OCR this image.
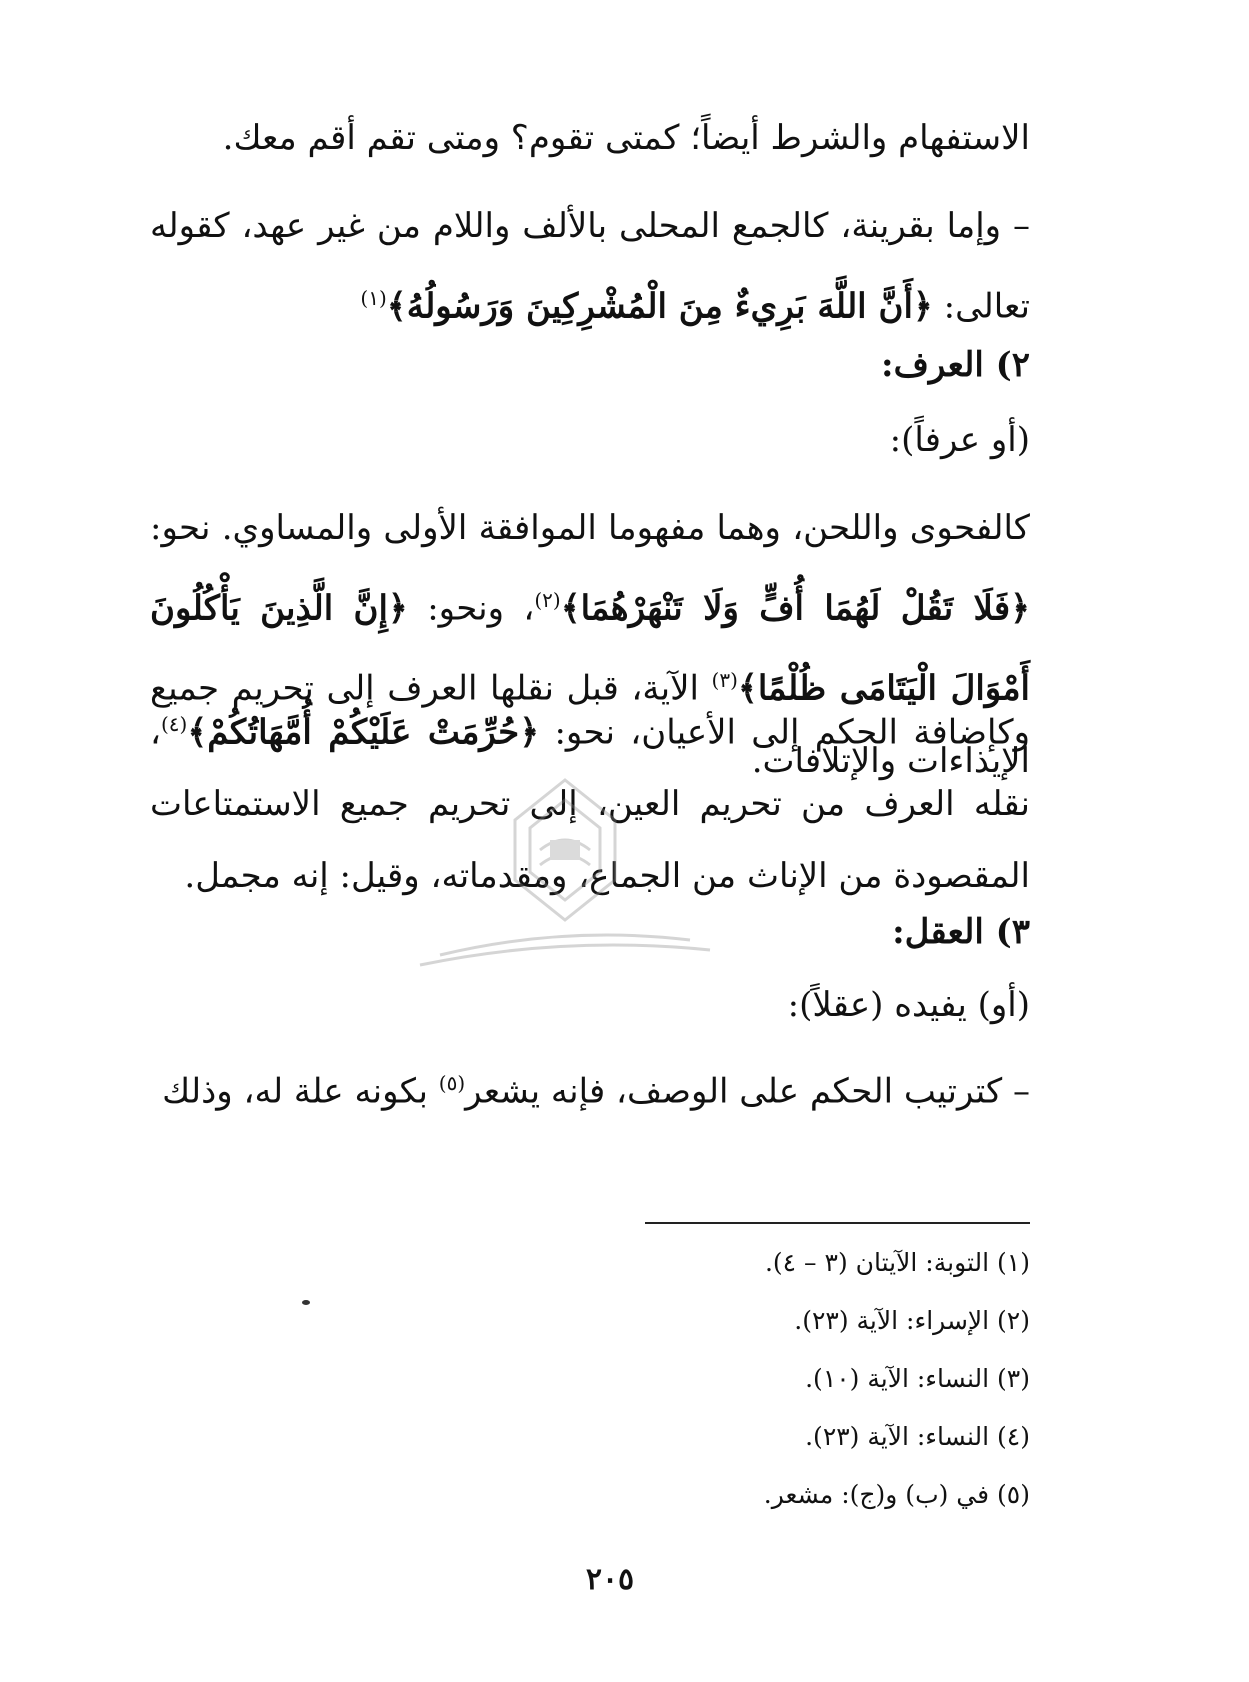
الاستفهام والشرط أيضاً؛ كمتى تقوم؟ ومتى تقم أقم معك.
– وإما بقرينة، كالجمع المحلى بالألف واللام من غير عهد، كقوله تعالى: ﴿أَنَّ اللَّهَ بَرِيءٌ مِنَ الْمُشْرِكِينَ وَرَسُولُهُ﴾$^{(١)}$
٢) العرف:
(أو عرفاً):
كالفحوى واللحن، وهما مفهوما الموافقة الأولى والمساوي. نحو: ﴿فَلَا تَقُلْ لَهُمَا أُفٍّ وَلَا تَنْهَرْهُمَا﴾$^{(٢)}$، ونحو: ﴿إِنَّ الَّذِينَ يَأْكُلُونَ أَمْوَالَ الْيَتَامَى ظُلْمًا﴾$^{(٣)}$ الآية، قبل نقلها العرف إلى تحريم جميع الإيذاءات والإتلافات.
وكإضافة الحكم إلى الأعيان، نحو: ﴿حُرِّمَتْ عَلَيْكُمْ أُمَّهَاتُكُمْ﴾$^{(٤)}$، نقله العرف من تحريم العين، إلى تحريم جميع الاستمتاعات المقصودة من الإناث من الجماع، ومقدماته، وقيل: إنه مجمل.
٣) العقل:
(أو) يفيده (عقلاً):
– كترتيب الحكم على الوصف، فإنه يشعر$^{(٥)}$ بكونه علة له، وذلك
(١) التوبة: الآيتان (٣ – ٤).
(٢) الإسراء: الآية (٢٣).
(٣) النساء: الآية (١٠).
(٤) النساء: الآية (٢٣).
(٥) في (ب) و(ج): مشعر.
٢٠٥
